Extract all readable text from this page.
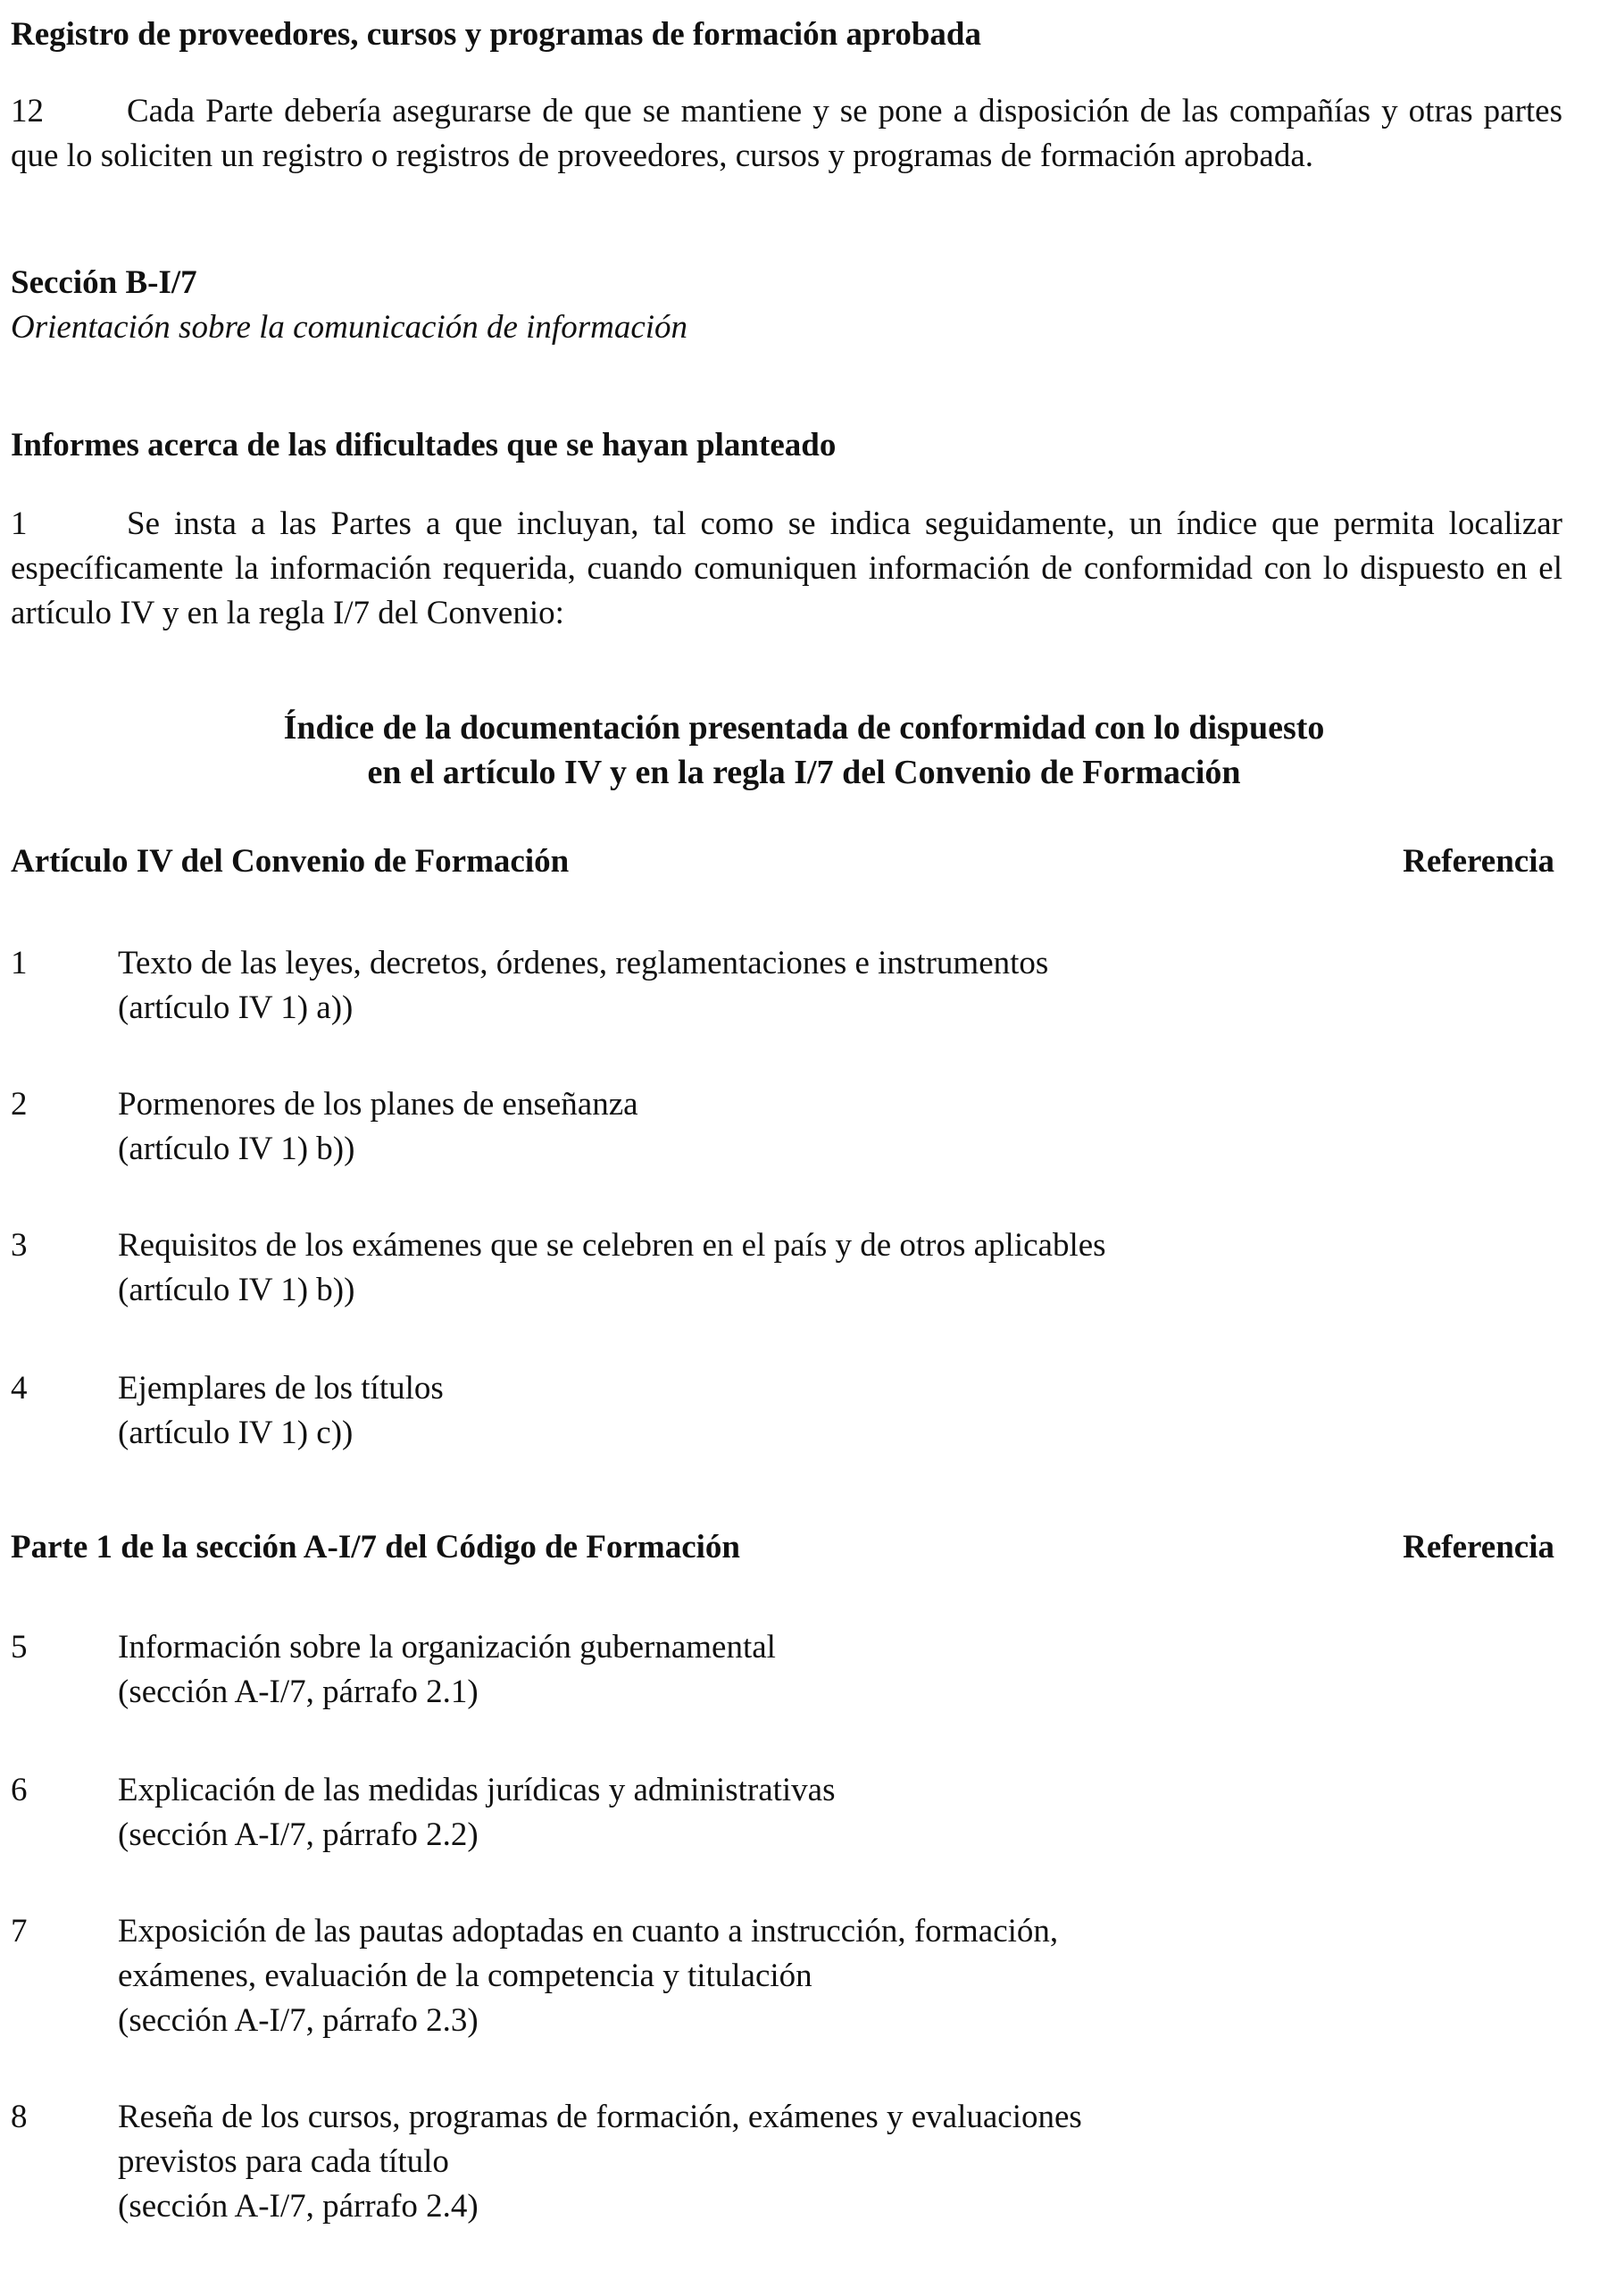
Registro de proveedores, cursos y programas de formación aprobada
12	Cada Parte debería asegurarse de que se mantiene y se pone a disposición de las compañías y otras partes que lo soliciten un registro o registros de proveedores, cursos y programas de formación aprobada.
Sección B-I/7
Orientación sobre la comunicación de información
Informes acerca de las dificultades que se hayan planteado
1	Se insta a las Partes a que incluyan, tal como se indica seguidamente, un índice que permita localizar específicamente la información requerida, cuando comuniquen información de conformidad con lo dispuesto en el artículo IV y en la regla I/7 del Convenio:
Índice de la documentación presentada de conformidad con lo dispuesto
en el artículo IV y en la regla I/7 del Convenio de Formación
Artículo IV del Convenio de Formación	Referencia
1	Texto de las leyes, decretos, órdenes, reglamentaciones e instrumentos
(artículo IV 1) a))
2	Pormenores de los planes de enseñanza
(artículo IV 1) b))
3	Requisitos de los exámenes que se celebren en el país y de otros aplicables
(artículo IV 1) b))
4	Ejemplares de los títulos
(artículo IV 1) c))
Parte 1 de la sección A-I/7 del Código de Formación	Referencia
5	Información sobre la organización gubernamental
(sección A-I/7, párrafo 2.1)
6	Explicación de las medidas jurídicas y administrativas
(sección A-I/7, párrafo 2.2)
7	Exposición de las pautas adoptadas en cuanto a instrucción, formación,
exámenes, evaluación de la competencia y titulación
(sección A-I/7, párrafo 2.3)
8	Reseña de los cursos, programas de formación, exámenes y evaluaciones
previstos para cada título
(sección A-I/7, párrafo 2.4)
